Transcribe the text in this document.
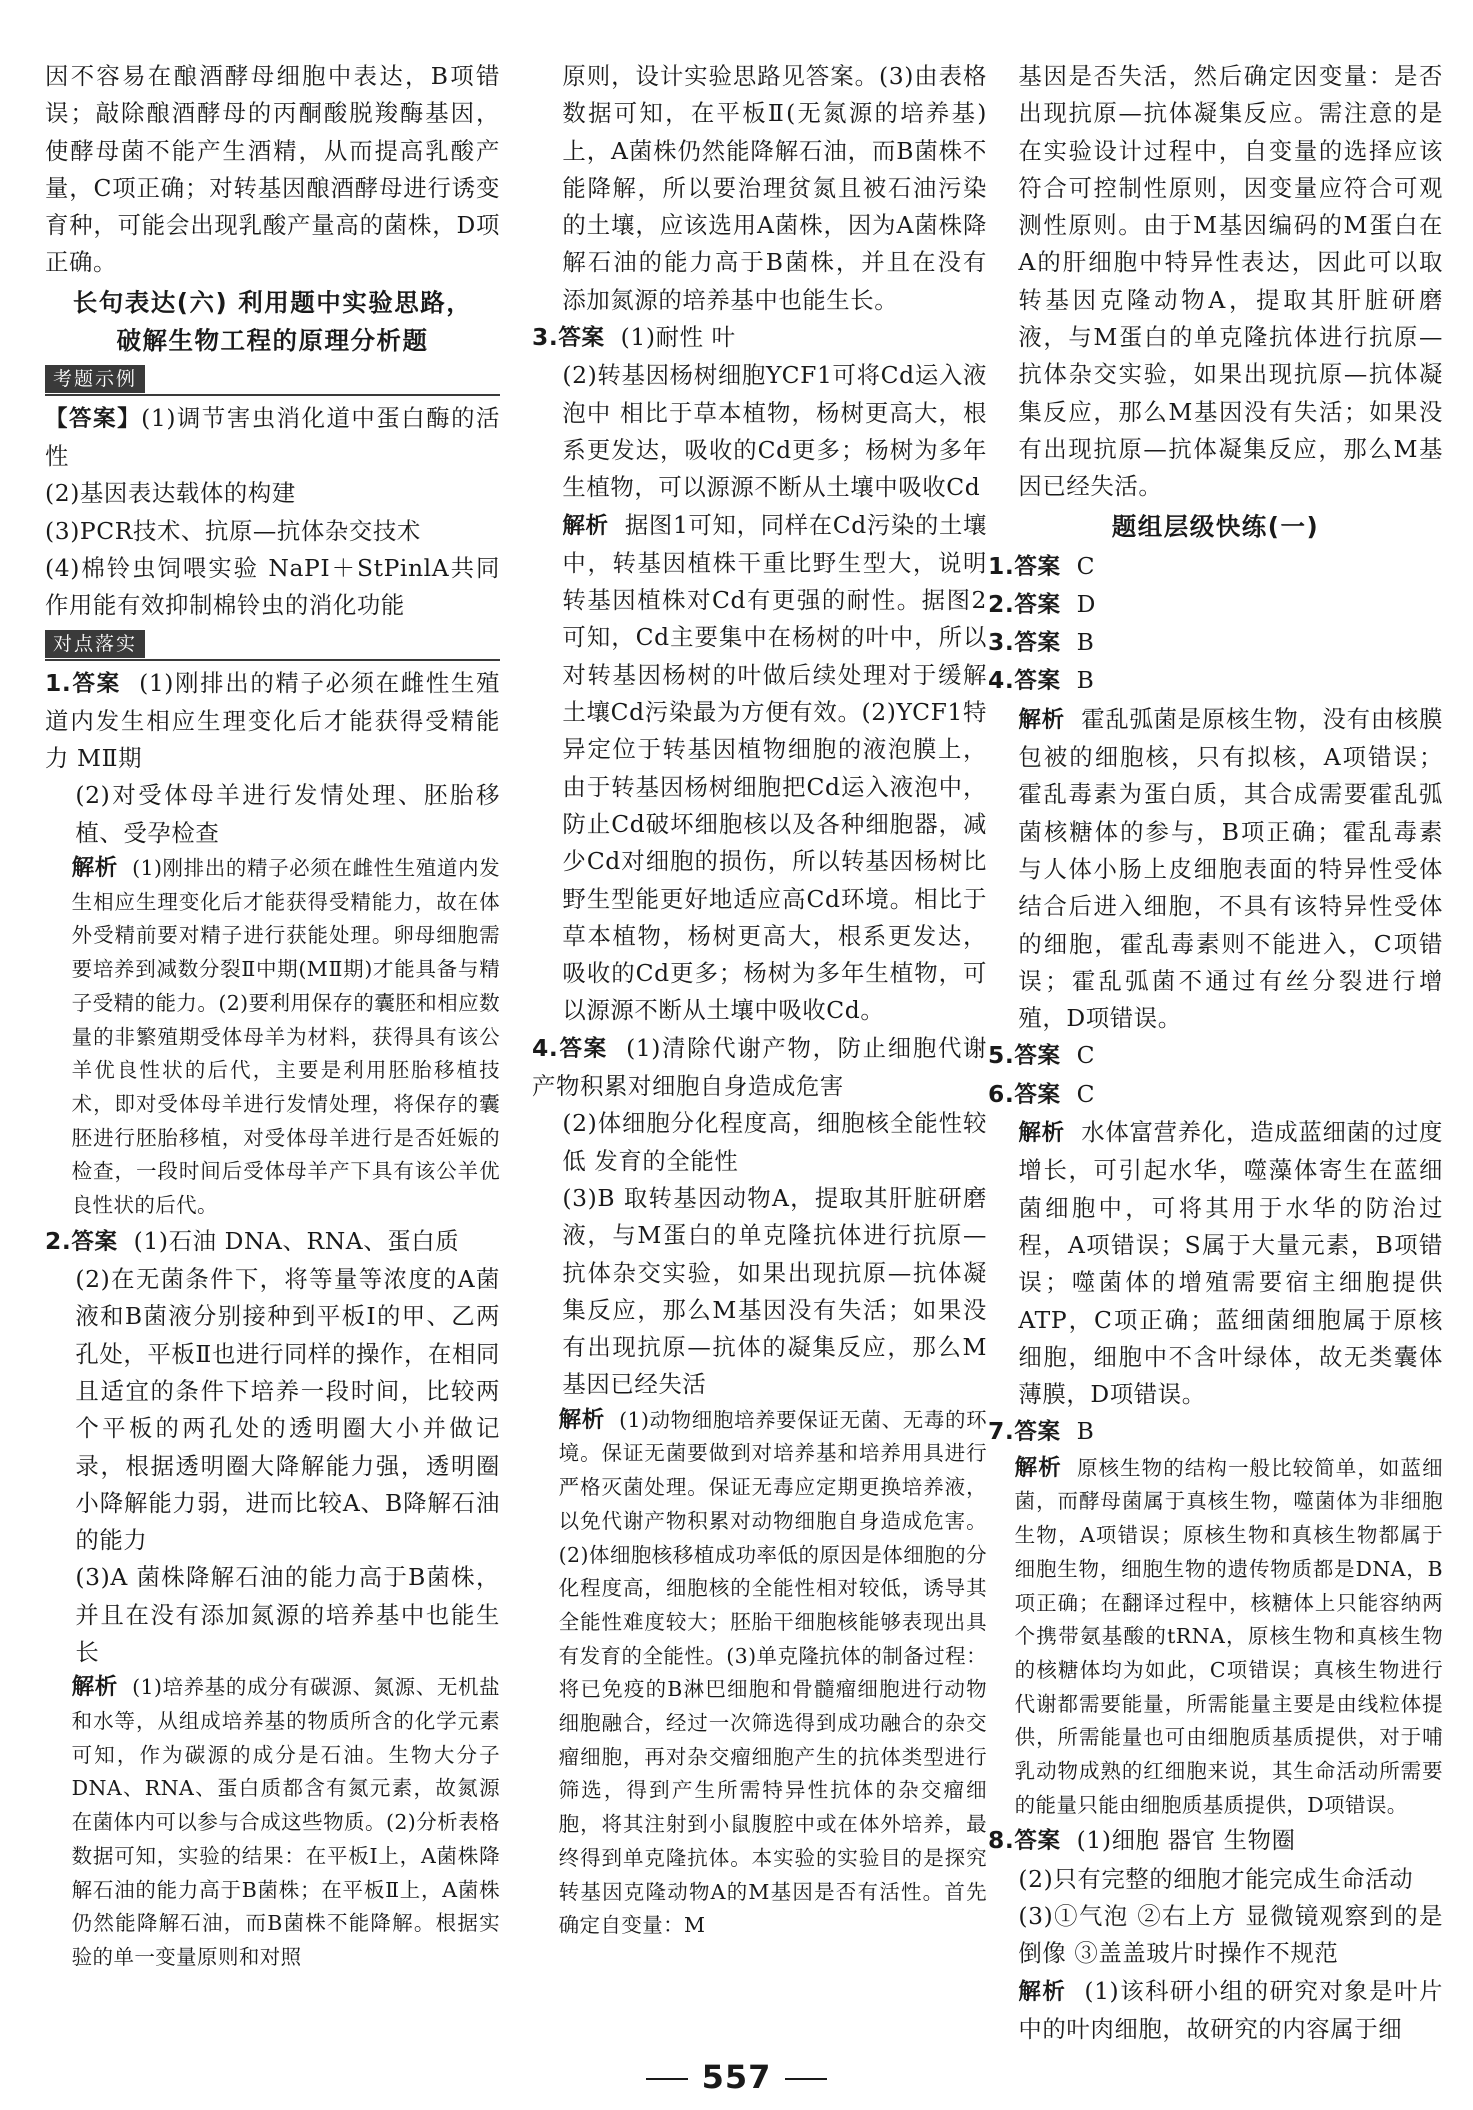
因不容易在酿酒酵母细胞中表达，B项错误；敲除酿酒酵母的丙酮酸脱羧酶基因，使酵母菌不能产生酒精，从而提高乳酸产量，C项正确；对转基因酿酒酵母进行诱变育种，可能会出现乳酸产量高的菌株，D项正确。

长句表达(六) 利用题中实验思路，
破解生物工程的原理分析题
考题示例

【答案】(1)调节害虫消化道中蛋白酶的活性

(2)基因表达载体的构建

(3)PCR技术、抗原—抗体杂交技术

(4)棉铃虫饲喂实验 NaPI＋StPinlA共同作用能有效抑制棉铃虫的消化功能

对点落实

1.答案 (1)刚排出的精子必须在雌性生殖道内发生相应生理变化后才能获得受精能力 MⅡ期

(2)对受体母羊进行发情处理、胚胎移植、受孕检查

解析 (1)刚排出的精子必须在雌性生殖道内发生相应生理变化后才能获得受精能力，故在体外受精前要对精子进行获能处理。卵母细胞需要培养到减数分裂Ⅱ中期(MⅡ期)才能具备与精子受精的能力。(2)要利用保存的囊胚和相应数量的非繁殖期受体母羊为材料，获得具有该公羊优良性状的后代，主要是利用胚胎移植技术，即对受体母羊进行发情处理，将保存的囊胚进行胚胎移植，对受体母羊进行是否妊娠的检查，一段时间后受体母羊产下具有该公羊优良性状的后代。

2.答案 (1)石油 DNA、RNA、蛋白质

(2)在无菌条件下，将等量等浓度的A菌液和B菌液分别接种到平板Ⅰ的甲、乙两孔处，平板Ⅱ也进行同样的操作，在相同且适宜的条件下培养一段时间，比较两个平板的两孔处的透明圈大小并做记录，根据透明圈大降解能力强，透明圈小降解能力弱，进而比较A、B降解石油的能力

(3)A 菌株降解石油的能力高于B菌株，并且在没有添加氮源的培养基中也能生长

解析 (1)培养基的成分有碳源、氮源、无机盐和水等，从组成培养基的物质所含的化学元素可知，作为碳源的成分是石油。生物大分子DNA、RNA、蛋白质都含有氮元素，故氮源在菌体内可以参与合成这些物质。(2)分析表格数据可知，实验的结果：在平板Ⅰ上，A菌株降解石油的能力高于B菌株；在平板Ⅱ上，A菌株仍然能降解石油，而B菌株不能降解。根据实验的单一变量原则和对照

原则，设计实验思路见答案。(3)由表格数据可知，在平板Ⅱ(无氮源的培养基)上，A菌株仍然能降解石油，而B菌株不能降解，所以要治理贫氮且被石油污染的土壤，应该选用A菌株，因为A菌株降解石油的能力高于B菌株，并且在没有添加氮源的培养基中也能生长。

3.答案 (1)耐性 叶

(2)转基因杨树细胞YCF1可将Cd运入液泡中 相比于草本植物，杨树更高大，根系更发达，吸收的Cd更多；杨树为多年生植物，可以源源不断从土壤中吸收Cd

解析 据图1可知，同样在Cd污染的土壤中，转基因植株干重比野生型大，说明转基因植株对Cd有更强的耐性。据图2可知，Cd主要集中在杨树的叶中，所以对转基因杨树的叶做后续处理对于缓解土壤Cd污染最为方便有效。(2)YCF1特异定位于转基因植物细胞的液泡膜上，由于转基因杨树细胞把Cd运入液泡中，防止Cd破坏细胞核以及各种细胞器，减少Cd对细胞的损伤，所以转基因杨树比野生型能更好地适应高Cd环境。相比于草本植物，杨树更高大，根系更发达，吸收的Cd更多；杨树为多年生植物，可以源源不断从土壤中吸收Cd。

4.答案 (1)清除代谢产物，防止细胞代谢产物积累对细胞自身造成危害

(2)体细胞分化程度高，细胞核全能性较低 发育的全能性

(3)B 取转基因动物A，提取其肝脏研磨液，与M蛋白的单克隆抗体进行抗原—抗体杂交实验，如果出现抗原—抗体凝集反应，那么M基因没有失活；如果没有出现抗原—抗体的凝集反应，那么M基因已经失活

解析 (1)动物细胞培养要保证无菌、无毒的环境。保证无菌要做到对培养基和培养用具进行严格灭菌处理。保证无毒应定期更换培养液，以免代谢产物积累对动物细胞自身造成危害。(2)体细胞核移植成功率低的原因是体细胞的分化程度高，细胞核的全能性相对较低，诱导其全能性难度较大；胚胎干细胞核能够表现出具有发育的全能性。(3)单克隆抗体的制备过程：将已免疫的B淋巴细胞和骨髓瘤细胞进行动物细胞融合，经过一次筛选得到成功融合的杂交瘤细胞，再对杂交瘤细胞产生的抗体类型进行筛选，得到产生所需特异性抗体的杂交瘤细胞，将其注射到小鼠腹腔中或在体外培养，最终得到单克隆抗体。本实验的实验目的是探究转基因克隆动物A的M基因是否有活性。首先确定自变量：M

基因是否失活，然后确定因变量：是否出现抗原—抗体凝集反应。需注意的是在实验设计过程中，自变量的选择应该符合可控制性原则，因变量应符合可观测性原则。由于M基因编码的M蛋白在A的肝细胞中特异性表达，因此可以取转基因克隆动物A，提取其肝脏研磨液，与M蛋白的单克隆抗体进行抗原—抗体杂交实验，如果出现抗原—抗体凝集反应，那么M基因没有失活；如果没有出现抗原—抗体凝集反应，那么M基因已经失活。

题组层级快练(一)

1.答案 C

2.答案 D

3.答案 B

4.答案 B

解析 霍乱弧菌是原核生物，没有由核膜包被的细胞核，只有拟核，A项错误；霍乱毒素为蛋白质，其合成需要霍乱弧菌核糖体的参与，B项正确；霍乱毒素与人体小肠上皮细胞表面的特异性受体结合后进入细胞，不具有该特异性受体的细胞，霍乱毒素则不能进入，C项错误；霍乱弧菌不通过有丝分裂进行增殖，D项错误。

5.答案 C

6.答案 C

解析 水体富营养化，造成蓝细菌的过度增长，可引起水华，噬藻体寄生在蓝细菌细胞中，可将其用于水华的防治过程，A项错误；S属于大量元素，B项错误；噬菌体的增殖需要宿主细胞提供ATP，C项正确；蓝细菌细胞属于原核细胞，细胞中不含叶绿体，故无类囊体薄膜，D项错误。

7.答案 B

解析 原核生物的结构一般比较简单，如蓝细菌，而酵母菌属于真核生物，噬菌体为非细胞生物，A项错误；原核生物和真核生物都属于细胞生物，细胞生物的遗传物质都是DNA，B项正确；在翻译过程中，核糖体上只能容纳两个携带氨基酸的tRNA，原核生物和真核生物的核糖体均为如此，C项错误；真核生物进行代谢都需要能量，所需能量主要是由线粒体提供，所需能量也可由细胞质基质提供，对于哺乳动物成熟的红细胞来说，其生命活动所需要的能量只能由细胞质基质提供，D项错误。

8.答案 (1)细胞 器官 生物圈

(2)只有完整的细胞才能完成生命活动

(3)①气泡 ②右上方 显微镜观察到的是倒像 ③盖盖玻片时操作不规范

解析 (1)该科研小组的研究对象是叶片中的叶肉细胞，故研究的内容属于细

557
